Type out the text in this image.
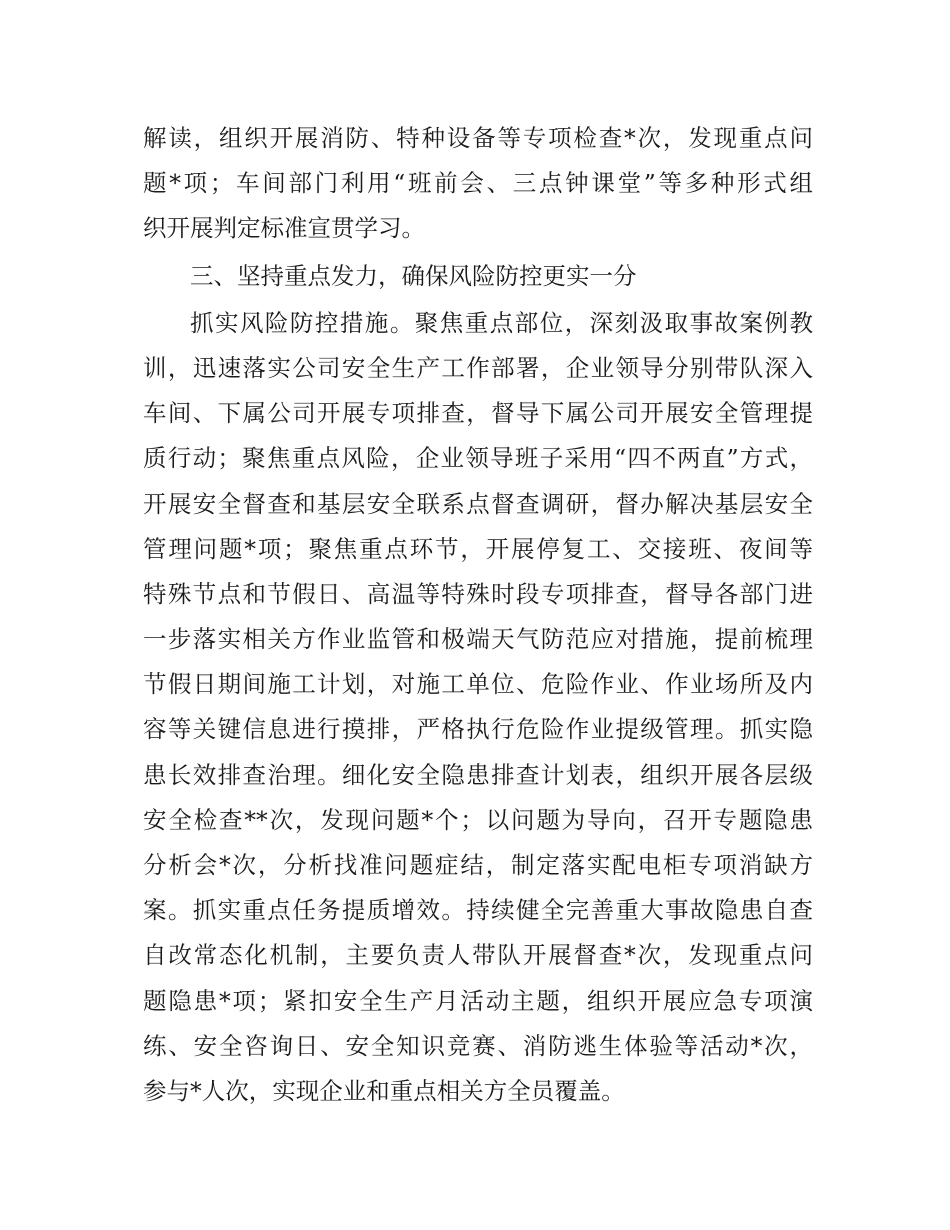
解读，组织开展消防、特种设备等专项检查*次，发现重点问
题*项；车间部门利用“班前会、三点钟课堂”等多种形式组
织开展判定标准宣贯学习。
三、坚持重点发力，确保风险防控更实一分
抓实风险防控措施。聚焦重点部位，深刻汲取事故案例教
训，迅速落实公司安全生产工作部署，企业领导分别带队深入
车间、下属公司开展专项排查，督导下属公司开展安全管理提
质行动；聚焦重点风险，企业领导班子采用“四不两直”方式，
开展安全督查和基层安全联系点督查调研，督办解决基层安全
管理问题*项；聚焦重点环节，开展停复工、交接班、夜间等
特殊节点和节假日、高温等特殊时段专项排查，督导各部门进
一步落实相关方作业监管和极端天气防范应对措施，提前梳理
节假日期间施工计划，对施工单位、危险作业、作业场所及内
容等关键信息进行摸排，严格执行危险作业提级管理。抓实隐
患长效排查治理。细化安全隐患排查计划表，组织开展各层级
安全检查**次，发现问题*个；以问题为导向，召开专题隐患
分析会*次，分析找准问题症结，制定落实配电柜专项消缺方
案。抓实重点任务提质增效。持续健全完善重大事故隐患自查
自改常态化机制，主要负责人带队开展督查*次，发现重点问
题隐患*项；紧扣安全生产月活动主题，组织开展应急专项演
练、安全咨询日、安全知识竞赛、消防逃生体验等活动*次，
参与*人次，实现企业和重点相关方全员覆盖。
